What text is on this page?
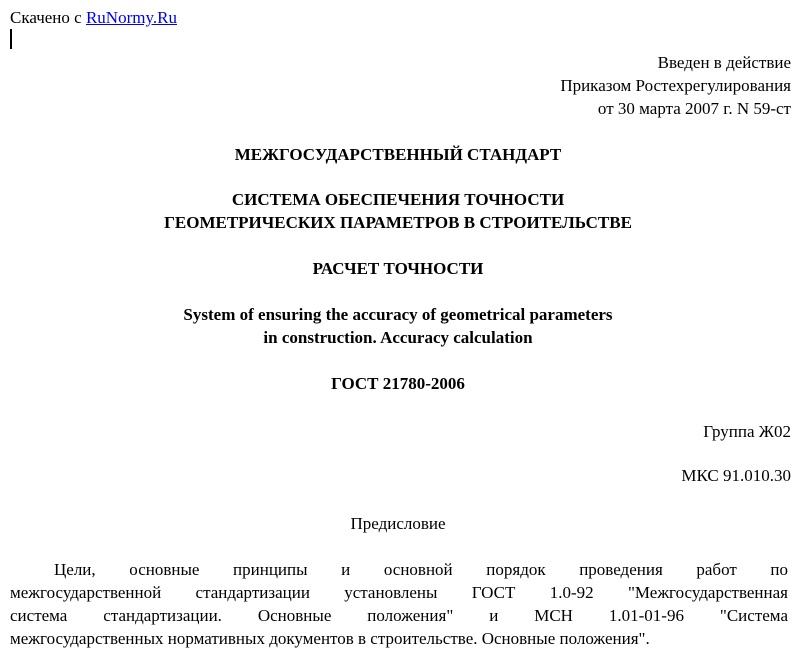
Скачено с RuNormy.Ru
Введен в действие
Приказом Ростехрегулирования
от 30 марта 2007 г. N 59-ст
МЕЖГОСУДАРСТВЕННЫЙ СТАНДАРТ
СИСТЕМА ОБЕСПЕЧЕНИЯ ТОЧНОСТИ
ГЕОМЕТРИЧЕСКИХ ПАРАМЕТРОВ В СТРОИТЕЛЬСТВЕ
РАСЧЕТ ТОЧНОСТИ
System of ensuring the accuracy of geometrical parameters
in construction. Accuracy calculation
ГОСТ 21780-2006
Группа Ж02
МКС 91.010.30
Предисловие
Цели, основные принципы и основной порядок проведения работ по
межгосударственной стандартизации установлены ГОСТ 1.0-92 "Межгосударственная
система стандартизации. Основные положения" и МСН 1.01-01-96 "Система
межгосударственных нормативных документов в строительстве. Основные положения".
